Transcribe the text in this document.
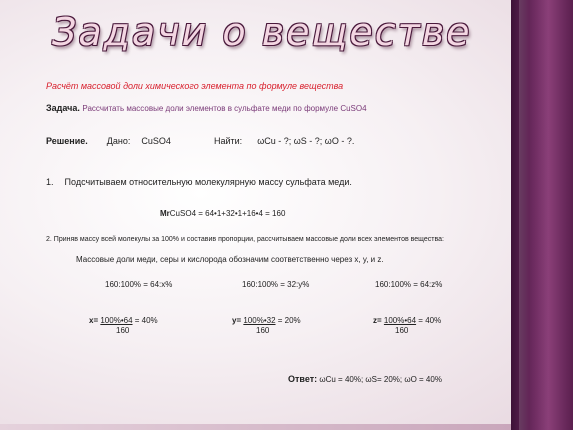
Задачи о веществе
Расчёт массовой доли химического элемента по формуле вещества
Задача. Рассчитать массовые доли элементов в сульфате меди по формуле CuSO4
Решение. Дано: CuSO4	Найти: ωCu - ?; ωS - ?; ωO - ?.
1. Подсчитываем относительную молекулярную массу сульфата меди.
MrCuSO4 = 64•1+32•1+16•4 = 160
2. Приняв массу всей молекулы за 100% и составив пропорции, рассчитываем массовые доли всех элементов вещества:
Массовые доли меди, серы и кислорода обозначим соответственно через x, y, и z.
160:100% = 64:x%	160:100% = 32:y%	160:100% = 64:z%
x= 100%•64 = 40%
160
y= 100%•32 = 20%
160
z= 100%•64 = 40%
160
Ответ: ωCu = 40%; ωS= 20%; ωO = 40%
